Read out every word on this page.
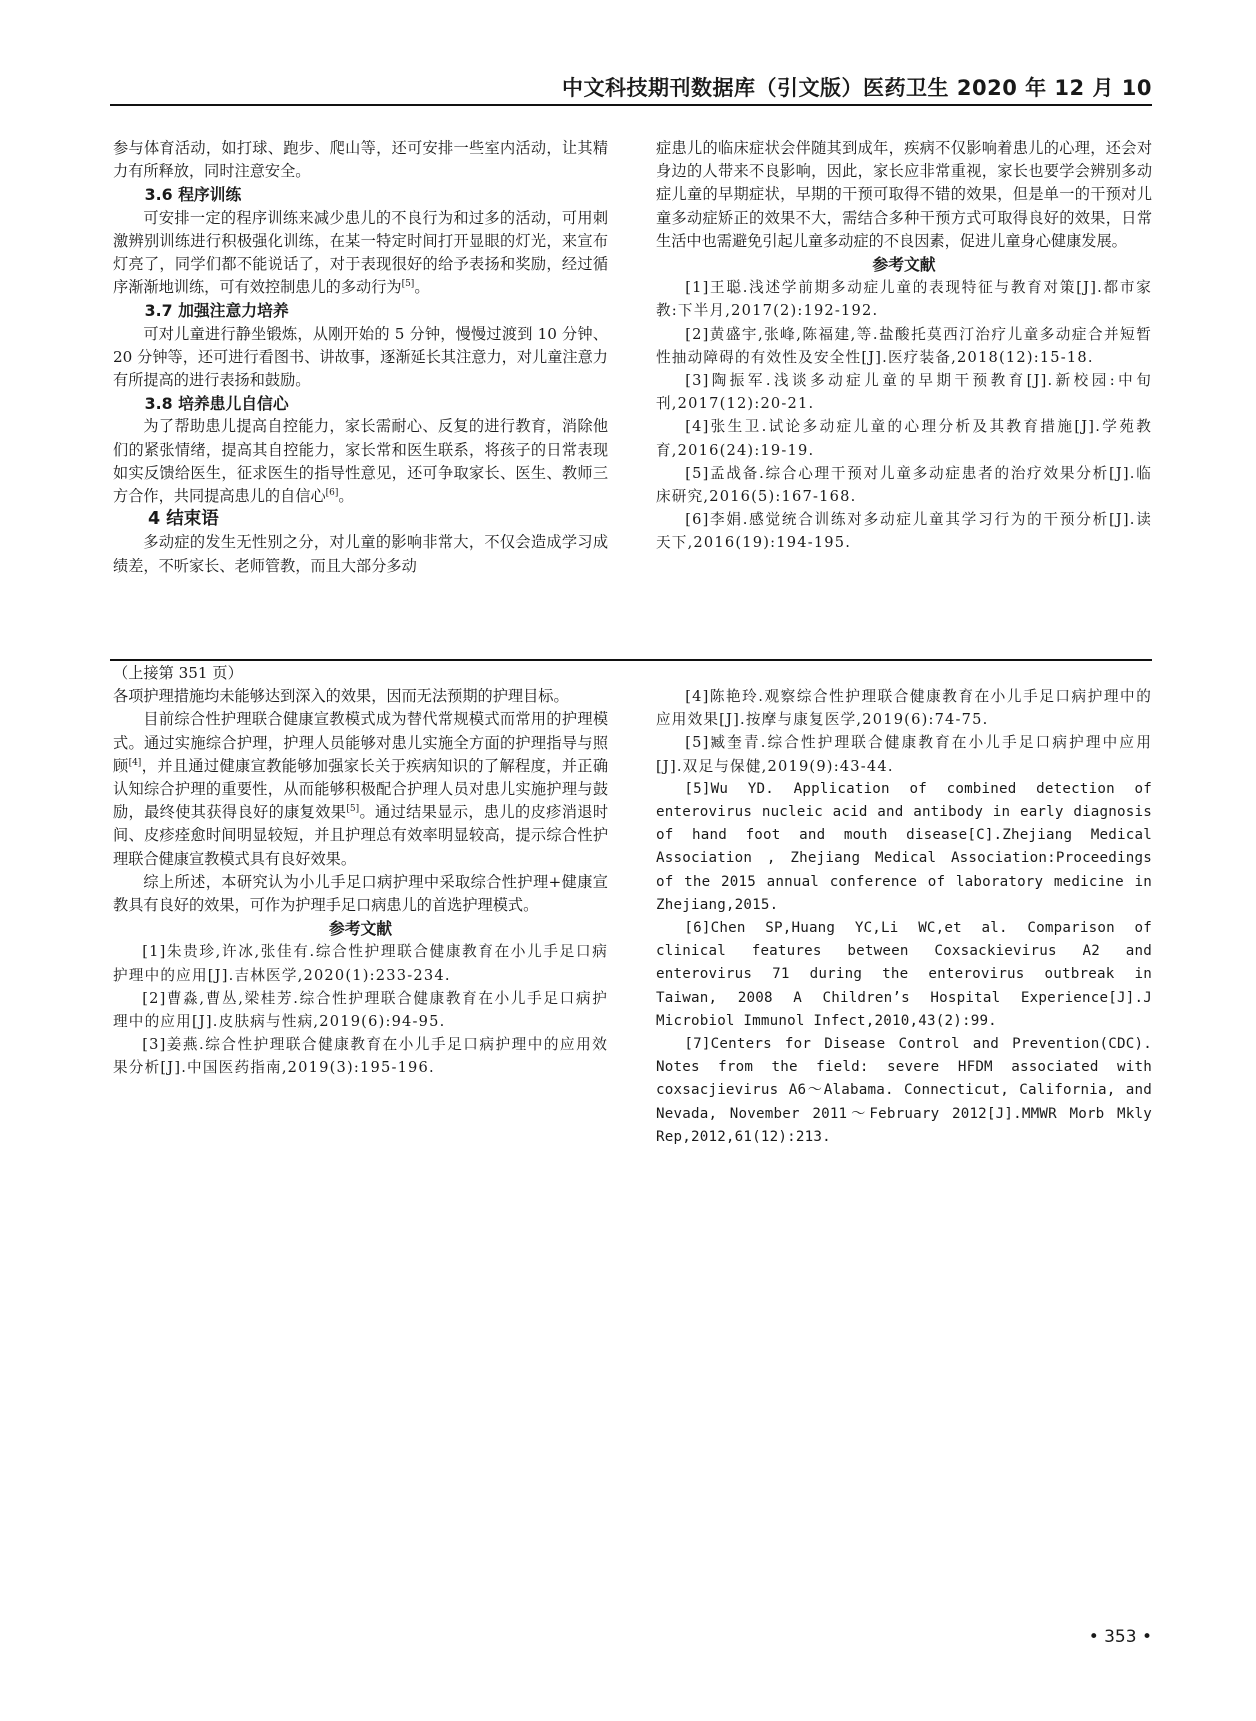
中文科技期刊数据库（引文版）医药卫生 2020 年 12 月 10

参与体育活动，如打球、跑步、爬山等，还可安排一些室内活动，让其精力有所释放，同时注意安全。

3.6 程序训练

可安排一定的程序训练来减少患儿的不良行为和过多的活动，可用刺激辨别训练进行积极强化训练，在某一特定时间打开显眼的灯光，来宣布灯亮了，同学们都不能说话了，对于表现很好的给予表扬和奖励，经过循序渐渐地训练，可有效控制患儿的多动行为[5]。

3.7 加强注意力培养

可对儿童进行静坐锻炼，从刚开始的 5 分钟，慢慢过渡到 10 分钟、20 分钟等，还可进行看图书、讲故事，逐渐延长其注意力，对儿童注意力有所提高的进行表扬和鼓励。

3.8 培养患儿自信心

为了帮助患儿提高自控能力，家长需耐心、反复的进行教育，消除他们的紧张情绪，提高其自控能力，家长常和医生联系，将孩子的日常表现如实反馈给医生，征求医生的指导性意见，还可争取家长、医生、教师三方合作，共同提高患儿的自信心[6]。

4 结束语

多动症的发生无性别之分，对儿童的影响非常大，不仅会造成学习成绩差，不听家长、老师管教，而且大部分多动

症患儿的临床症状会伴随其到成年，疾病不仅影响着患儿的心理，还会对身边的人带来不良影响，因此，家长应非常重视，家长也要学会辨别多动症儿童的早期症状，早期的干预可取得不错的效果，但是单一的干预对儿童多动症矫正的效果不大，需结合多种干预方式可取得良好的效果，日常生活中也需避免引起儿童多动症的不良因素，促进儿童身心健康发展。

参考文献

[1]王聪.浅述学前期多动症儿童的表现特征与教育对策[J].都市家教:下半月,2017(2):192-192.

[2]黄盛宇,张峰,陈福建,等.盐酸托莫西汀治疗儿童多动症合并短暂性抽动障碍的有效性及安全性[J].医疗装备,2018(12):15-18.

[3]陶振军.浅谈多动症儿童的早期干预教育[J].新校园:中旬刊,2017(12):20-21.

[4]张生卫.试论多动症儿童的心理分析及其教育措施[J].学苑教育,2016(24):19-19.

[5]孟战备.综合心理干预对儿童多动症患者的治疗效果分析[J].临床研究,2016(5):167-168.

[6]李娟.感觉统合训练对多动症儿童其学习行为的干预分析[J].读天下,2016(19):194-195.

（上接第 351 页）

各项护理措施均未能够达到深入的效果，因而无法预期的护理目标。

目前综合性护理联合健康宣教模式成为替代常规模式而常用的护理模式。通过实施综合护理，护理人员能够对患儿实施全方面的护理指导与照顾[4]，并且通过健康宣教能够加强家长关于疾病知识的了解程度，并正确认知综合护理的重要性，从而能够积极配合护理人员对患儿实施护理与鼓励，最终使其获得良好的康复效果[5]。通过结果显示，患儿的皮疹消退时间、皮疹痊愈时间明显较短，并且护理总有效率明显较高，提示综合性护理联合健康宣教模式具有良好效果。

综上所述，本研究认为小儿手足口病护理中采取综合性护理+健康宣教具有良好的效果，可作为护理手足口病患儿的首选护理模式。

参考文献

[1]朱贵珍,许冰,张佳有.综合性护理联合健康教育在小儿手足口病护理中的应用[J].吉林医学,2020(1):233-234.

[2]曹淼,曹丛,梁桂芳.综合性护理联合健康教育在小儿手足口病护理中的应用[J].皮肤病与性病,2019(6):94-95.

[3]姜燕.综合性护理联合健康教育在小儿手足口病护理中的应用效果分析[J].中国医药指南,2019(3):195-196.

[4]陈艳玲.观察综合性护理联合健康教育在小儿手足口病护理中的应用效果[J].按摩与康复医学,2019(6):74-75.

[5]臧奎青.综合性护理联合健康教育在小儿手足口病护理中应用[J].双足与保健,2019(9):43-44.

[5]Wu YD. Application of combined detection of enterovirus nucleic acid and antibody in early diagnosis of hand foot and mouth disease[C].Zhejiang Medical Association , Zhejiang Medical Association:Proceedings of the 2015 annual conference of laboratory medicine in Zhejiang,2015.

[6]Chen SP,Huang YC,Li WC,et al. Comparison of clinical features between Coxsackievirus A2 and enterovirus 71 during the enterovirus outbreak in Taiwan, 2008 A Children’s Hospital Experience[J].J Microbiol Immunol Infect,2010,43(2):99.

[7]Centers for Disease Control and Prevention(CDC). Notes from the field: severe HFDM associated with coxsacjievirus A6～Alabama. Connecticut, California, and Nevada, November 2011～February 2012[J].MMWR Morb Mkly Rep,2012,61(12):213.

• 353 •
